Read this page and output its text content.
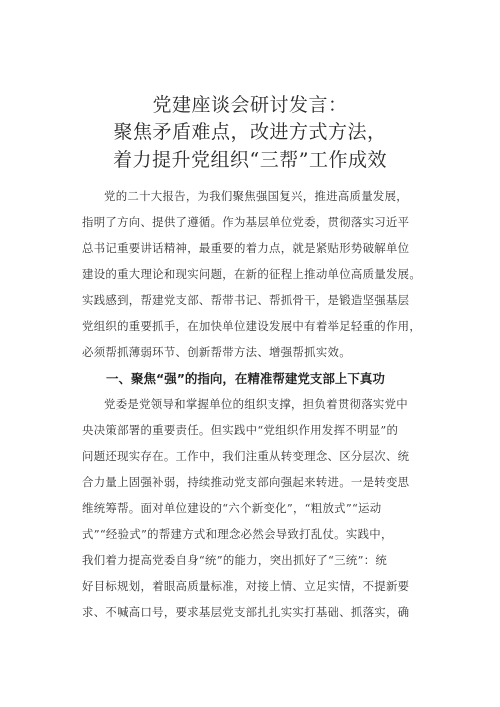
党建座谈会研讨发言：
聚焦矛盾难点，改进方式方法，
着力提升党组织“三帮”工作成效
党的二十大报告，为我们聚焦强国复兴，推进高质量发展，
指明了方向、提供了遵循。作为基层单位党委，贯彻落实习近平
总书记重要讲话精神，最重要的着力点，就是紧贴形势破解单位
建设的重大理论和现实问题，在新的征程上推动单位高质量发展。
实践感到，帮建党支部、帮带书记、帮抓骨干，是锻造坚强基层
党组织的重要抓手，在加快单位建设发展中有着举足轻重的作用，
必须帮抓薄弱环节、创新帮带方法、增强帮抓实效。
一、聚焦“强”的指向，在精准帮建党支部上下真功
党委是党领导和掌握单位的组织支撑，担负着贯彻落实党中
央决策部署的重要责任。但实践中“党组织作用发挥不明显”的
问题还现实存在。工作中，我们注重从转变理念、区分层次、统
合力量上固强补弱，持续推动党支部向强起来转进。一是转变思
维统筹帮。面对单位建设的“六个新变化”，“粗放式”“运动
式”“经验式”的帮建方式和理念必然会导致打乱仗。实践中，
我们着力提高党委自身“统”的能力，突出抓好了“三统”：统
好目标规划，着眼高质量标准，对接上情、立足实情，不提新要
求、不喊高口号，要求基层党支部扎扎实实打基础、抓落实，确
